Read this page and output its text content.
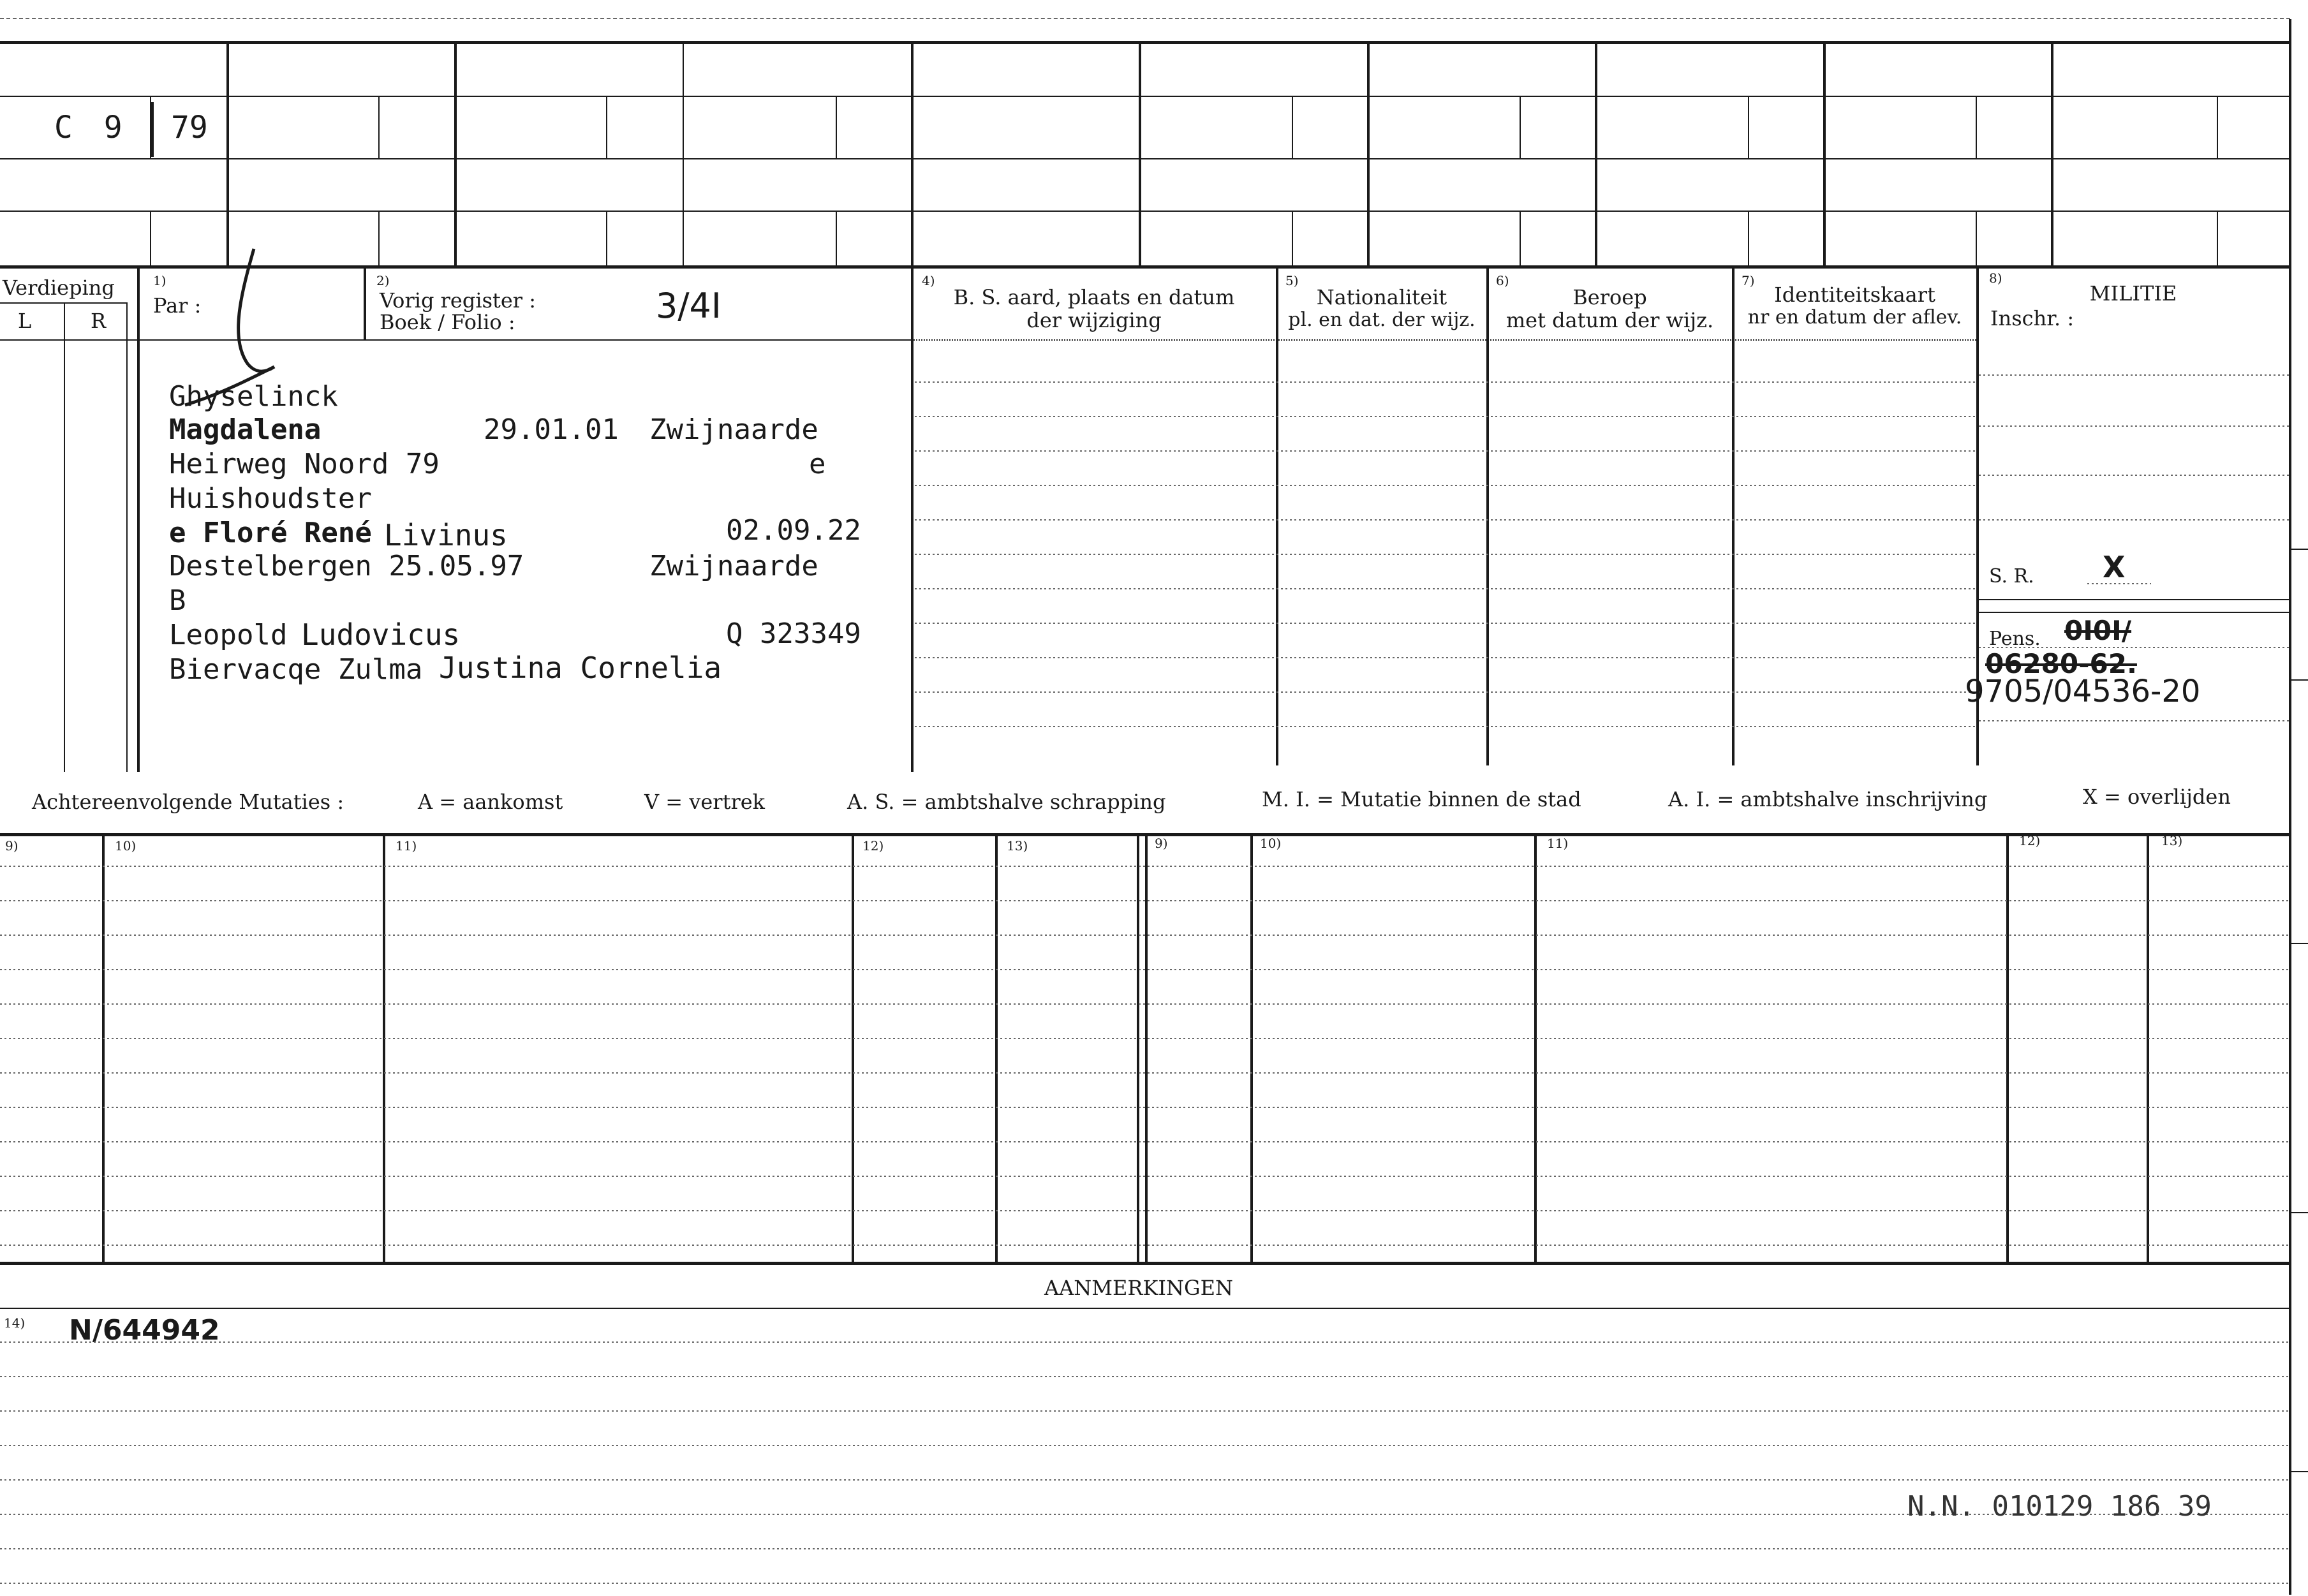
C 9 79
Verdieping
L	R
1)
Par :
2)
Vorig register :
Boek / Folio :	3/4I
4)
B. S. aard, plaats en datum
der wijziging
5)
Nationaliteit
pl. en dat. der wijz.
6)
Beroep
met datum der wijz.
7)
Identiteitskaart
nr en datum der aflev.
8)
MILITIE
Inschr. :
S. R. X
Pens. 0I0I/
06280-62.
9705/04536-20
Ghyselinck
Magdalena	29.01.01 Zwijnaarde
Heirweg Noord 79	e
Huishoudster
e Floré René Livinus	02.09.22
Destelbergen 25.05.97	Zwijnaarde
B
Leopold Ludovicus	Q 323349
Biervacqe Zulma Justina Cornelia
Achtereenvolgende Mutaties :	A = aankomst	V = vertrek	A. S. = ambtshalve schrapping	M. I. = Mutatie binnen de stad	A. I. = ambtshalve inschrijving	X = overlijden
9)	10)	11)	12)	13)	9)	10)	11)	12)	13)
AANMERKINGEN
14) N/644942
N.N. 010129 186 39
